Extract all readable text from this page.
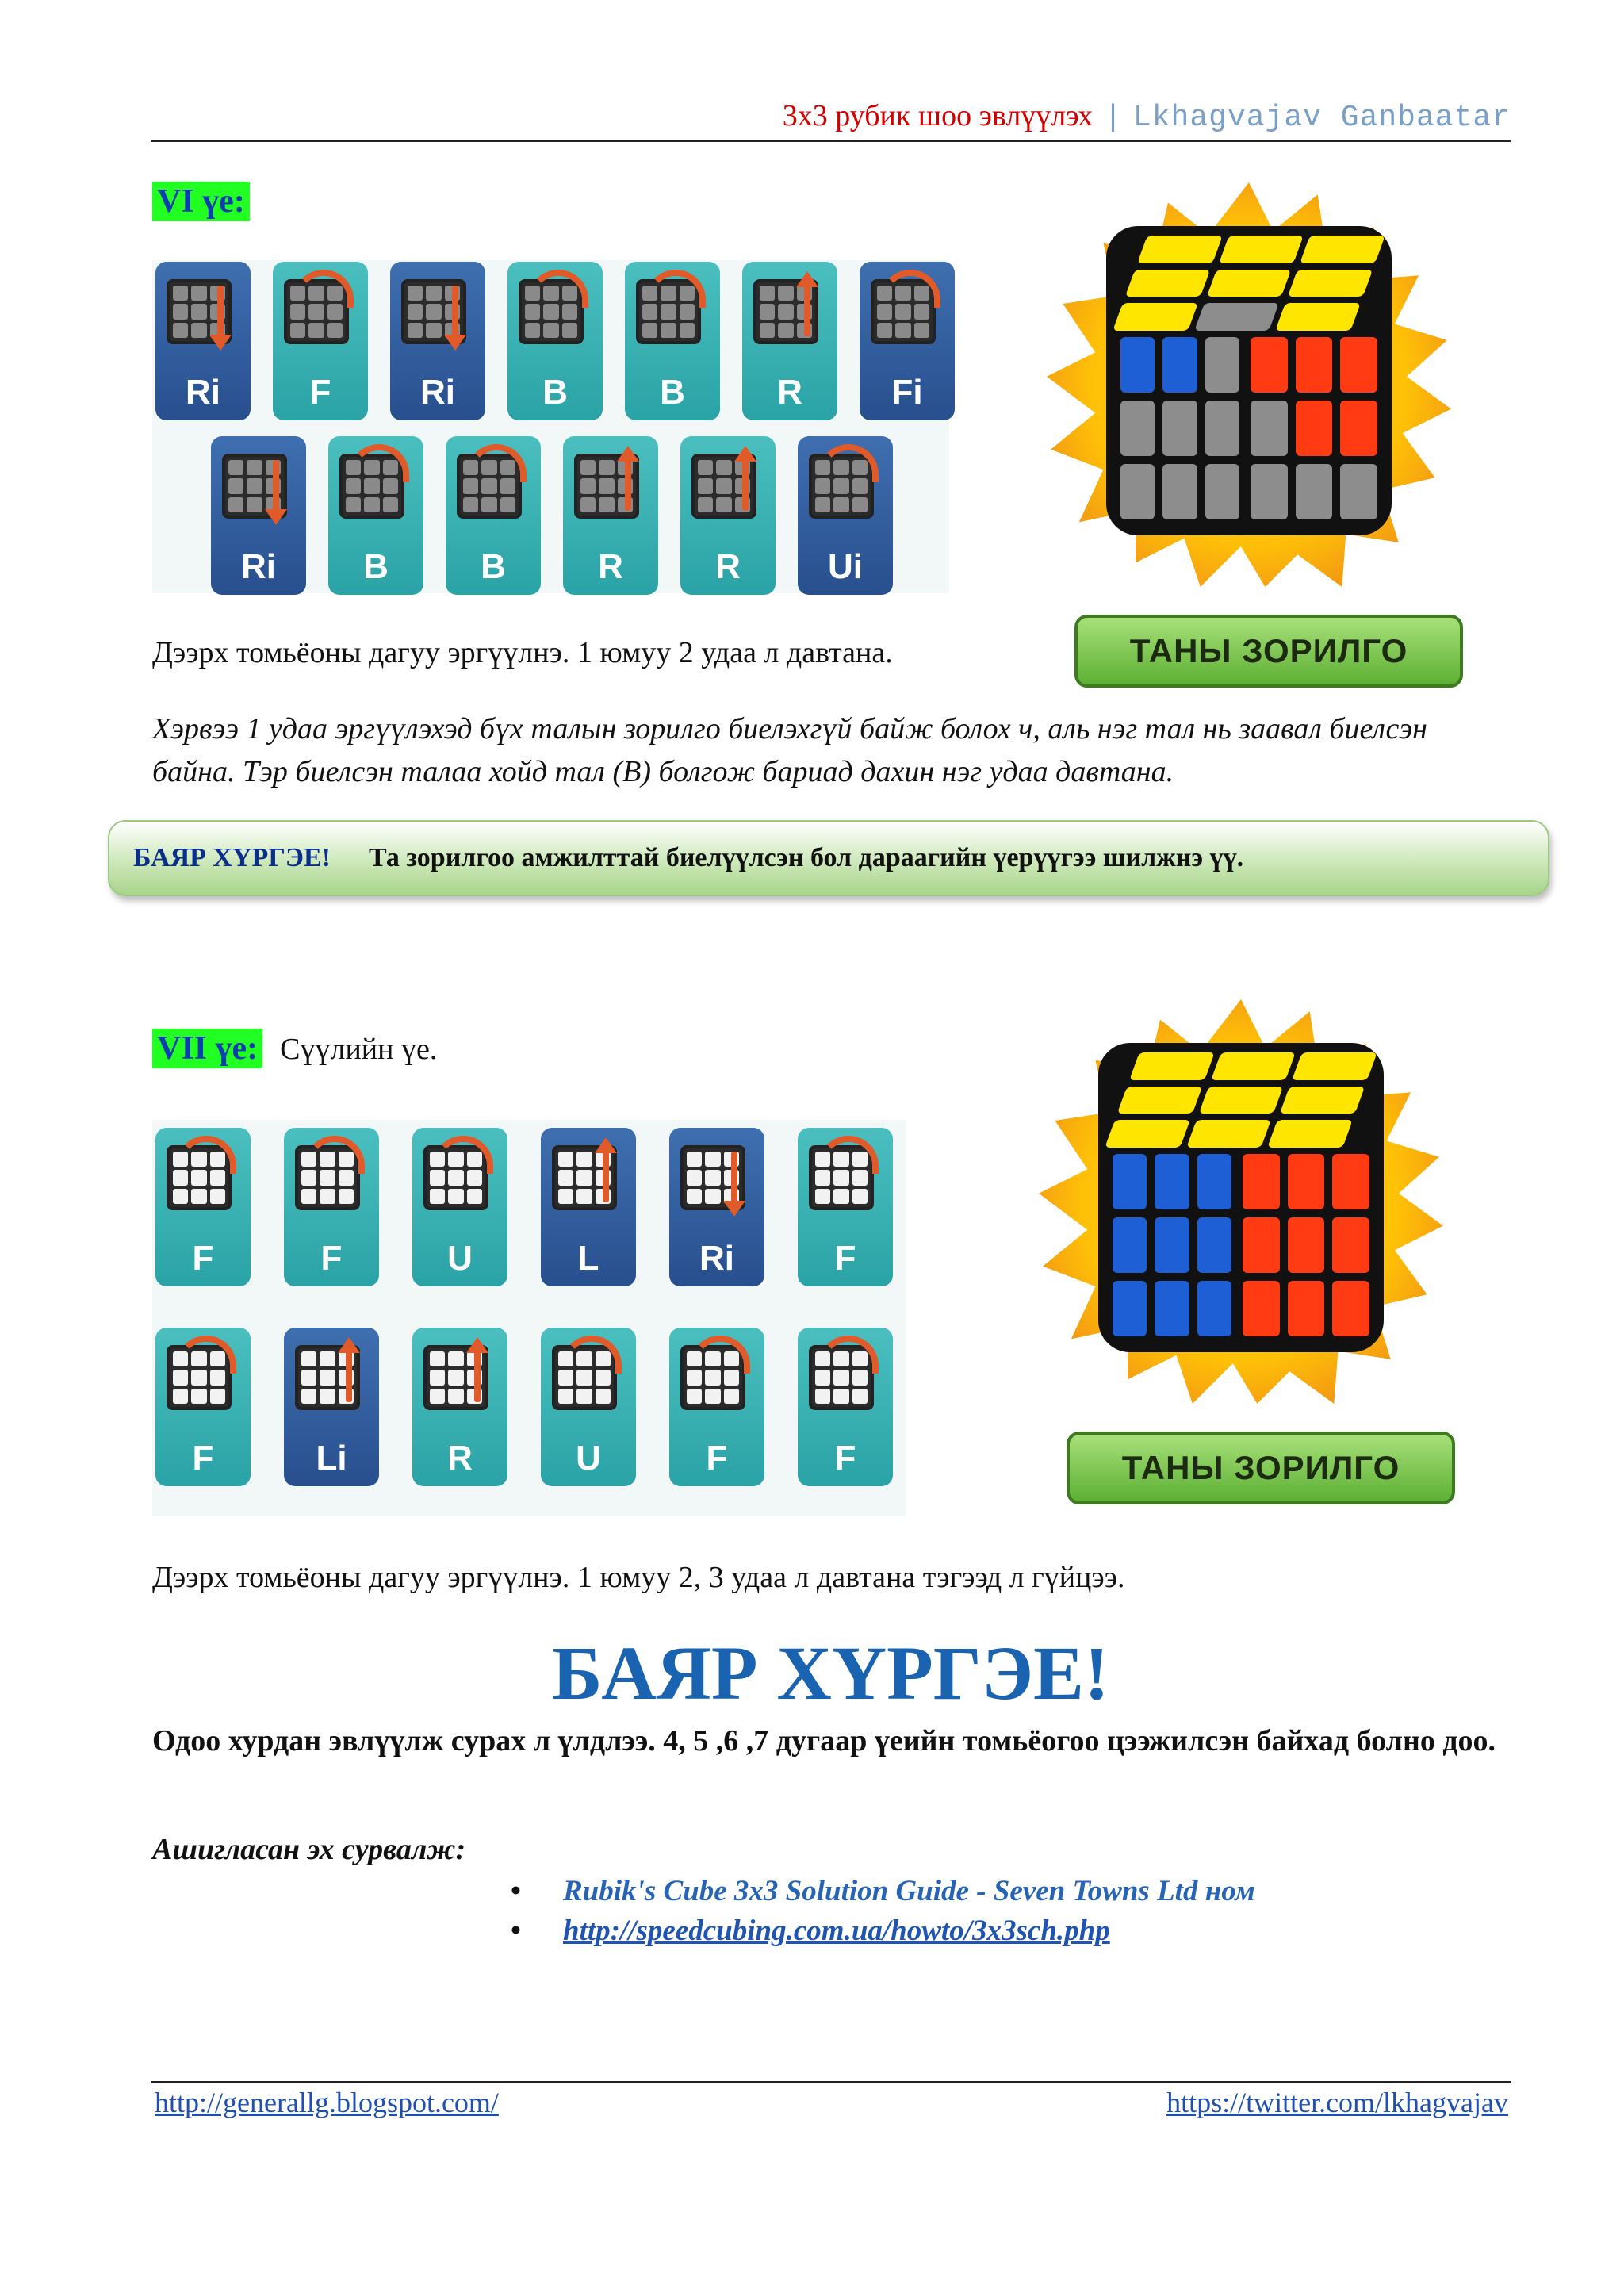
3x3 рубик шоо эвлүүлэх | Lkhagvajav Ganbaatar
VI үе:
Ri	F	Ri	B	B	R	Fi
Ri	B	B	R	R	Ui
ТАНЫ ЗОРИЛГО
Дээрх томьёоны дагуу эргүүлнэ. 1 юмуу 2 удаа л давтана.
Хэрвээ 1 удаа эргүүлэхэд бүх талын зорилго биелэхгүй байж болох ч, аль нэг тал нь заавал биелсэн байна. Тэр биелсэн талаа хойд тал (B) болгож бариад дахин нэг удаа давтана.
БАЯР ХҮРГЭЕ! Та зорилгоо амжилттай биелүүлсэн бол дараагийн үерүүгээ шилжнэ үү.
VII үе: Сүүлийн үе.
F	F	U	L	Ri	F
F	Li	R	U	F	F	ТАНЫ ЗОРИЛГО
Дээрх томьёоны дагуу эргүүлнэ. 1 юмуу 2, 3 удаа л давтана тэгээд л гүйцээ.
БАЯР ХҮРГЭЕ!
Одоо хурдан эвлүүлж сурах л үлдлээ. 4, 5 ,6 ,7 дугаар үеийн томьёогоо цээжилсэн байхад болно доо.
Ашигласан эх сурвалж:
• Rubik's Cube 3x3 Solution Guide - Seven Towns Ltd ном
• http://speedcubing.com.ua/howto/3x3sch.php
http://generallg.blogspot.com/	https://twitter.com/lkhagvajav
